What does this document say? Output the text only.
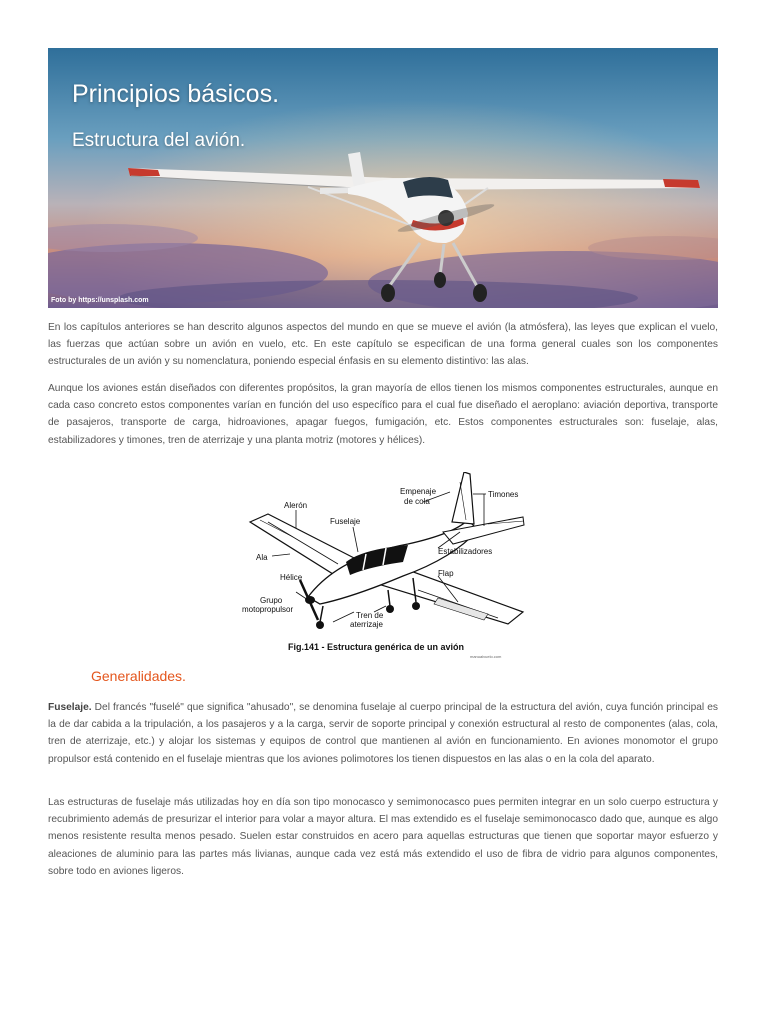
Principios básicos.
Estructura del avión.
Foto by https://unsplash.com

En los capítulos anteriores se han descrito algunos aspectos del mundo en que se mueve el avión (la atmósfera), las leyes que explican el vuelo, las fuerzas que actúan sobre un avión en vuelo, etc. En este capítulo se especifican de una forma general cuales son los componentes estructurales de un avión y su nomenclatura, poniendo especial énfasis en su elemento distintivo: las alas.

Aunque los aviones están diseñados con diferentes propósitos, la gran mayoría de ellos tienen los mismos componentes estructurales, aunque en cada caso concreto estos componentes varían en función del uso específico para el cual fue diseñado el aeroplano: aviación deportiva, transporte de pasajeros, transporte de carga, hidroaviones, apagar fuegos, fumigación, etc. Estos componentes estructurales son: fuselaje, alas, estabilizadores y timones, tren de aterrizaje y una planta motriz (motores y hélices).

Alerón
Empenaje
de cola
Timones
Fuselaje
Ala
Estabilizadores
Hélice	Flap
Grupo
motopropulsor
Tren de
aterrizaje
Fig.141 - Estructura genérica de un avión
manualvuelo.com
Generalidades.

Fuselaje. Del francés "fuselé" que significa "ahusado", se denomina fuselaje al cuerpo principal de la estructura del avión, cuya función principal es la de dar cabida a la tripulación, a los pasajeros y a la carga, servir de soporte principal y conexión estructural al resto de componentes (alas, cola, tren de aterrizaje, etc.) y alojar los sistemas y equipos de control que mantienen al avión en funcionamiento. En aviones monomotor el grupo propulsor está contenido en el fuselaje mientras que los aviones polimotores los tienen dispuestos en las alas o en la cola del aparato.

Las estructuras de fuselaje más utilizadas hoy en día son tipo monocasco y semimonocasco pues permiten integrar en un solo cuerpo estructura y recubrimiento además de presurizar el interior para volar a mayor altura. El mas extendido es el fuselaje semimonocasco dado que, aunque es algo menos resistente resulta menos pesado. Suelen estar construidos en acero para aquellas estructuras que tienen que soportar mayor esfuerzo y aleaciones de aluminio para las partes más livianas, aunque cada vez está más extendido el uso de fibra de vidrio para algunos componentes, sobre todo en aviones ligeros.
